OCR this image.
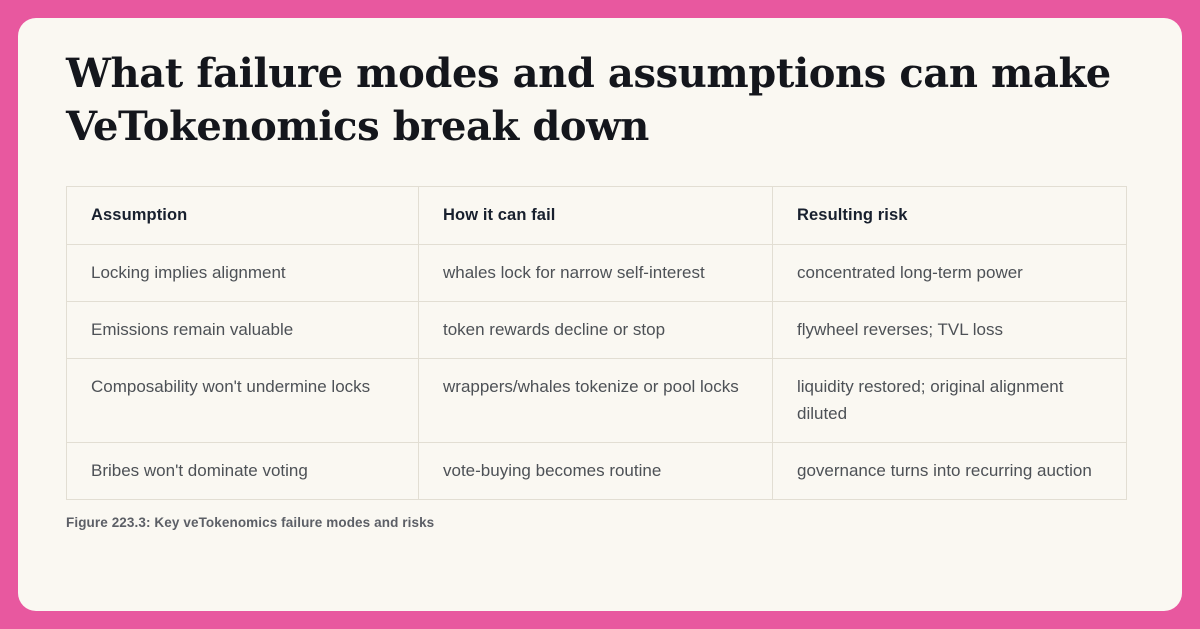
What failure modes and assumptions can make VeTokenomics break down
Assumption	How it can fail	Resulting risk
Locking implies alignment	whales lock for narrow self-interest	concentrated long-term power
Emissions remain valuable	token rewards decline or stop	flywheel reverses; TVL loss
Composability won't undermine locks	wrappers/whales tokenize or pool locks	liquidity restored; original alignment diluted
Bribes won't dominate voting	vote-buying becomes routine	governance turns into recurring auction
Figure 223.3: Key veTokenomics failure modes and risks
